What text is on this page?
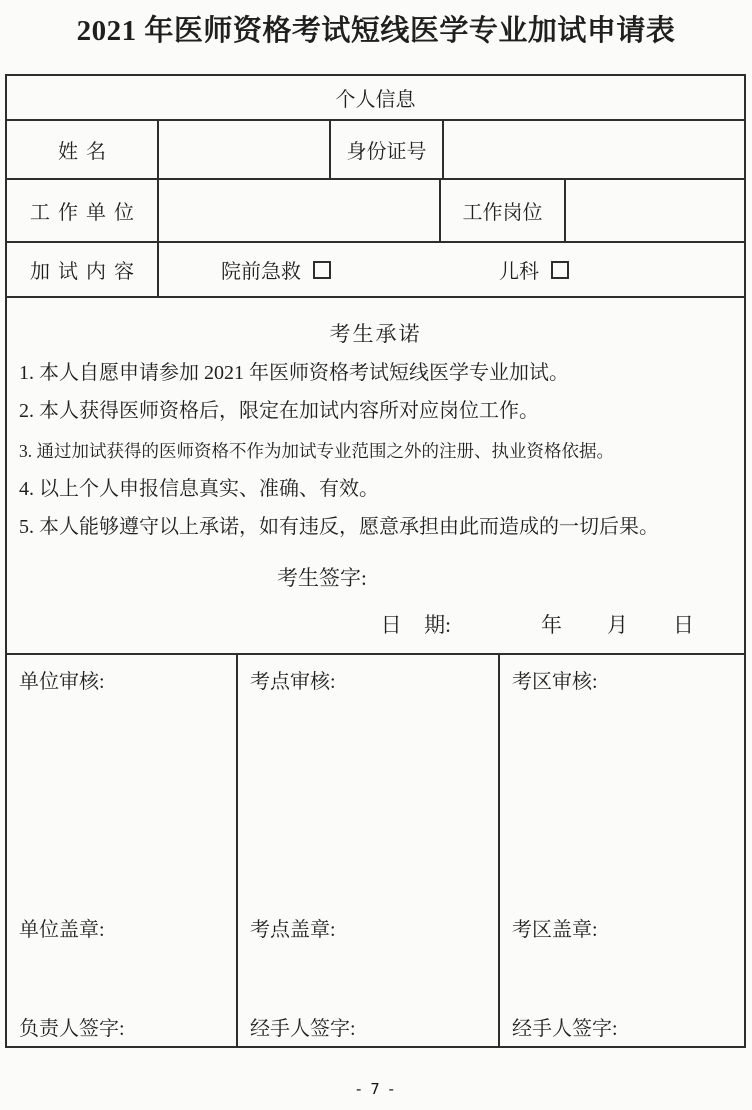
2021 年医师资格考试短线医学专业加试申请表
个人信息
姓 名	身份证号
工 作 单 位	工作岗位
加 试 内 容	院前急救	儿科
考生承诺
1. 本人自愿申请参加 2021 年医师资格考试短线医学专业加试。
2. 本人获得医师资格后，限定在加试内容所对应岗位工作。
3. 通过加试获得的医师资格不作为加试专业范围之外的注册、执业资格依据。
4. 以上个人申报信息真实、准确、有效。
5. 本人能够遵守以上承诺，如有违反，愿意承担由此而造成的一切后果。
考生签字:
日  期:        年    月    日
单位审核:
单位盖章:
负责人签字:
考点审核:
考点盖章:
经手人签字:
考区审核:
考区盖章:
经手人签字:
- 7 -
